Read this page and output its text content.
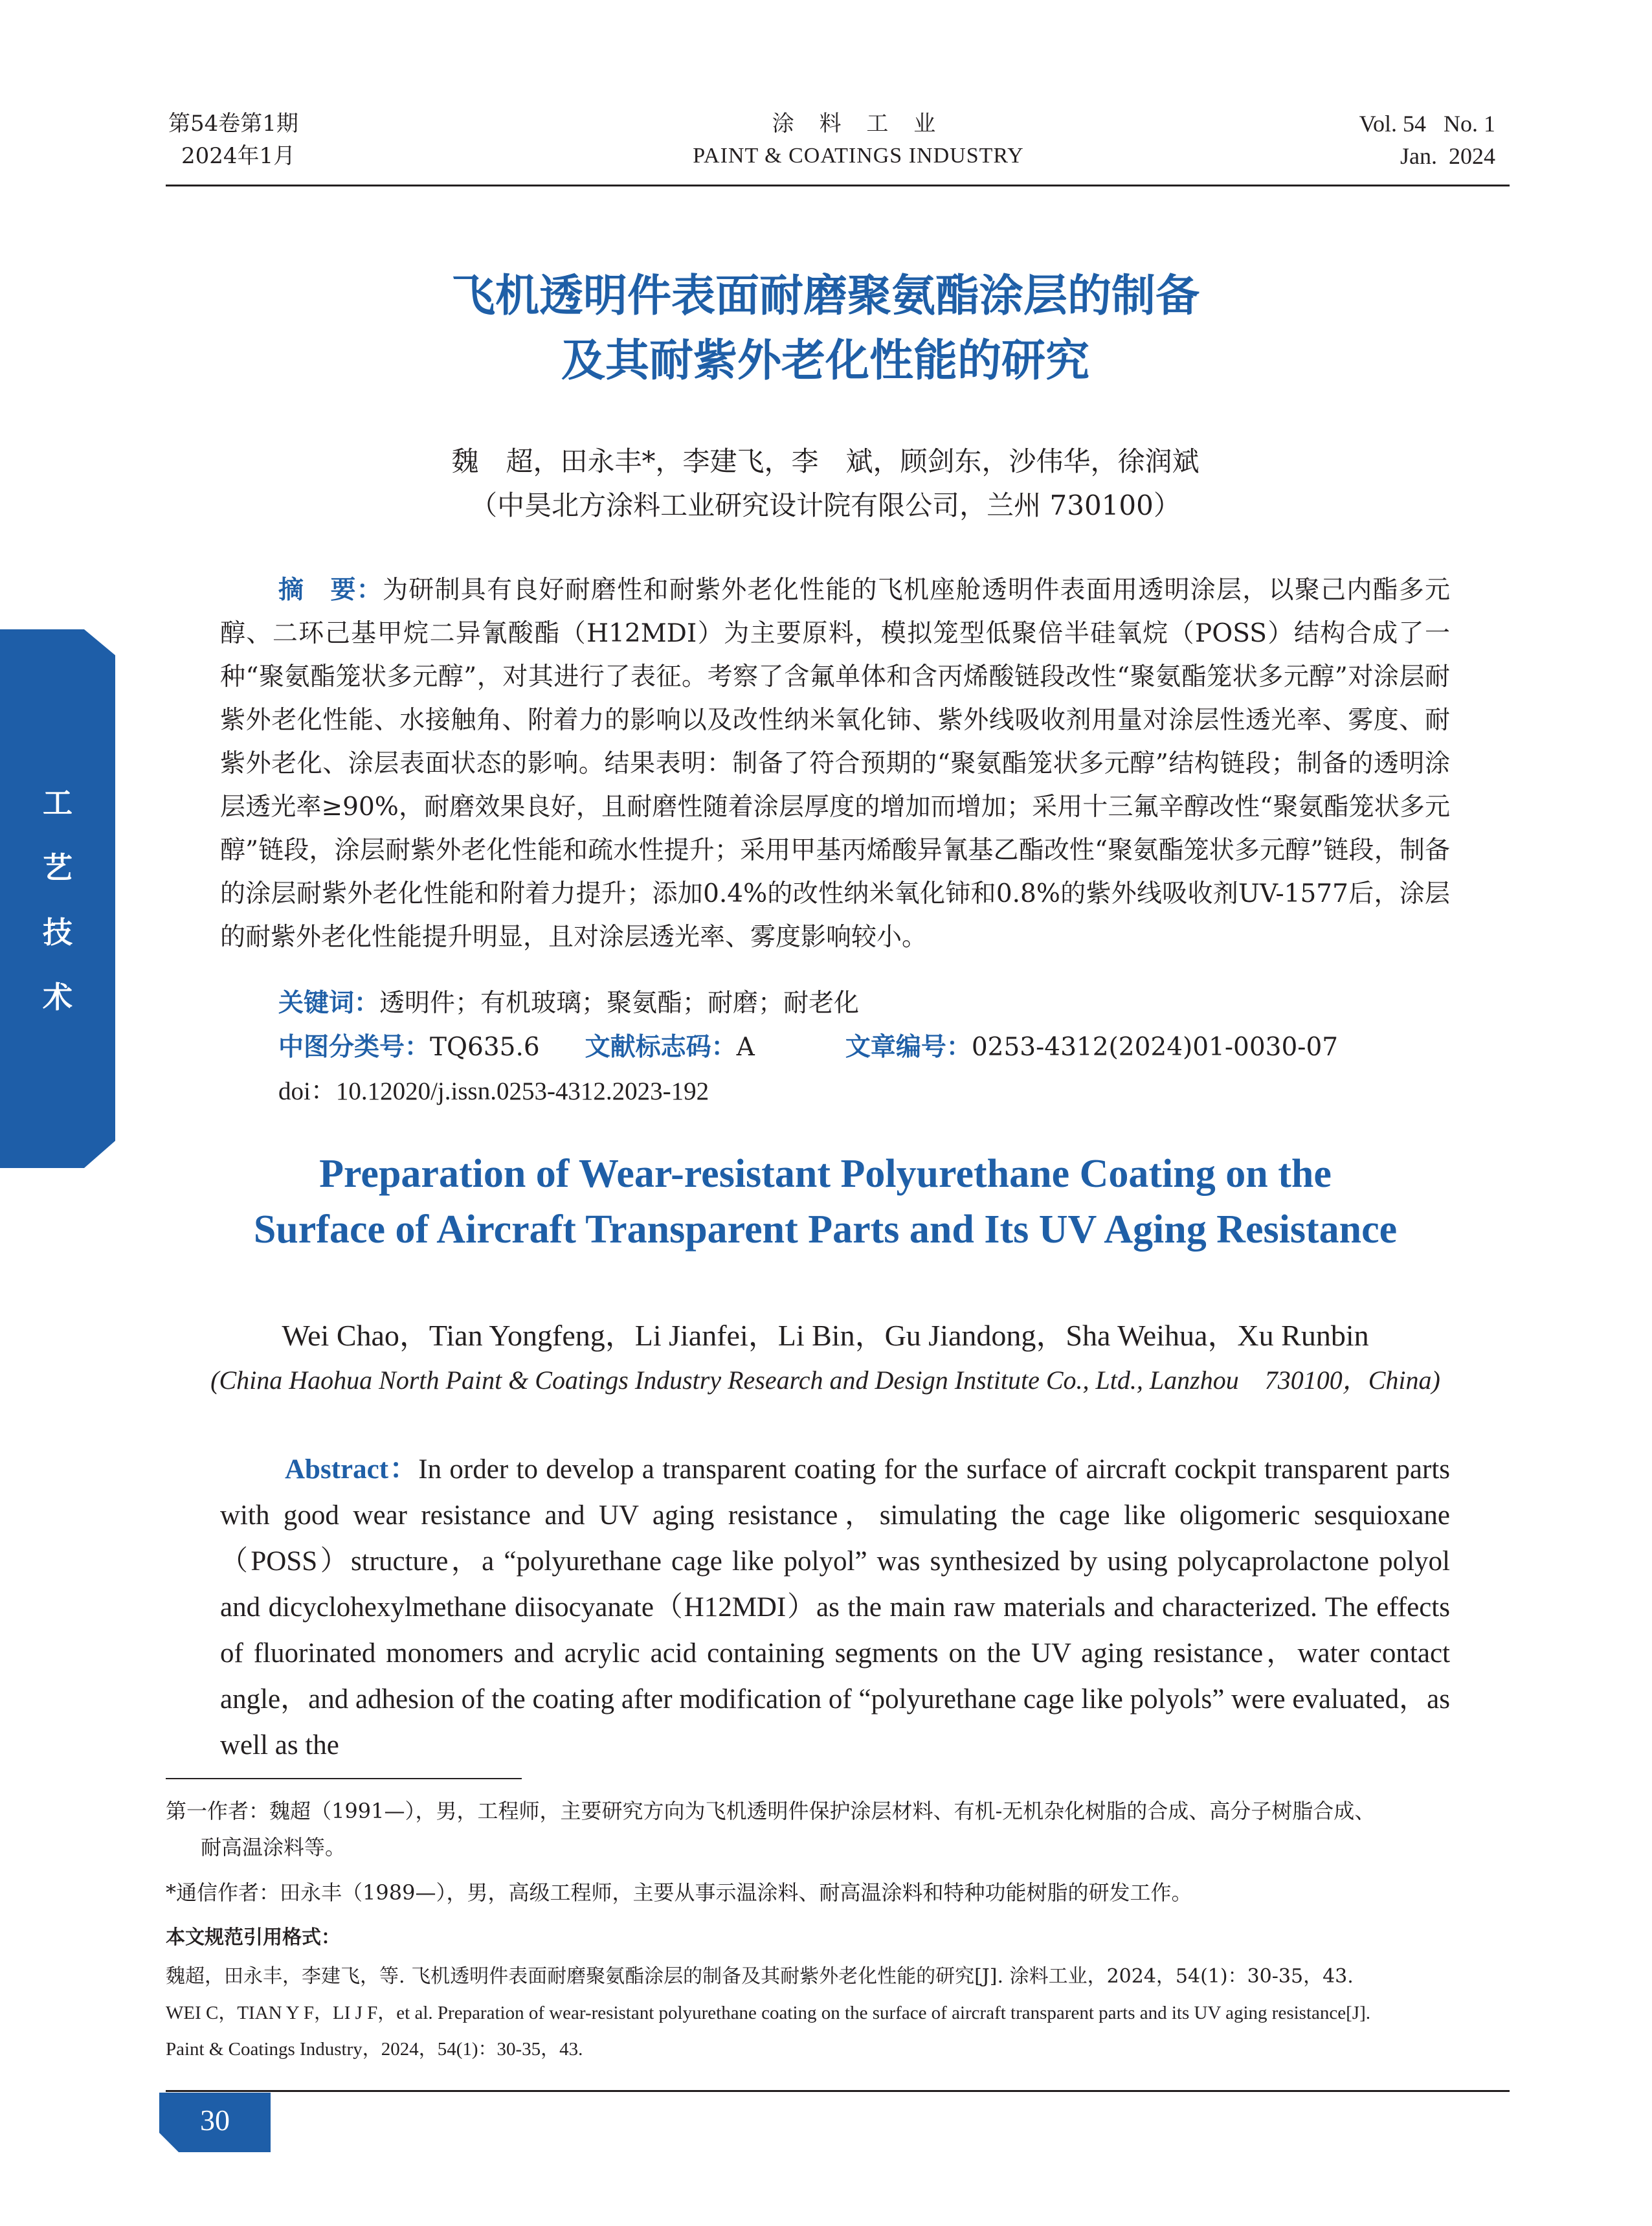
第54卷第1期
2024年1月
涂 料 工 业
PAINT & COATINGS INDUSTRY
Vol. 54   No. 1
Jan.  2024
飞机透明件表面耐磨聚氨酯涂层的制备
及其耐紫外老化性能的研究
魏　超，田永丰*，李建飞，李　斌，顾剑东，沙伟华，徐润斌
（中昊北方涂料工业研究设计院有限公司，兰州 730100）
工
艺
技
术
摘　要：为研制具有良好耐磨性和耐紫外老化性能的飞机座舱透明件表面用透明涂层，以聚己内酯多元醇、二环己基甲烷二异氰酸酯（H12MDI）为主要原料，模拟笼型低聚倍半硅氧烷（POSS）结构合成了一种“聚氨酯笼状多元醇”，对其进行了表征。考察了含氟单体和含丙烯酸链段改性“聚氨酯笼状多元醇”对涂层耐紫外老化性能、水接触角、附着力的影响以及改性纳米氧化铈、紫外线吸收剂用量对涂层性透光率、雾度、耐紫外老化、涂层表面状态的影响。结果表明：制备了符合预期的“聚氨酯笼状多元醇”结构链段；制备的透明涂层透光率≥90%，耐磨效果良好，且耐磨性随着涂层厚度的增加而增加；采用十三氟辛醇改性“聚氨酯笼状多元醇”链段，涂层耐紫外老化性能和疏水性提升；采用甲基丙烯酸异氰基乙酯改性“聚氨酯笼状多元醇”链段，制备的涂层耐紫外老化性能和附着力提升；添加0.4%的改性纳米氧化铈和0.8%的紫外线吸收剂UV-1577后，涂层的耐紫外老化性能提升明显，且对涂层透光率、雾度影响较小。
关键词：透明件；有机玻璃；聚氨酯；耐磨；耐老化
中图分类号：TQ635.6 文献标志码：A	文章编号：0253-4312(2024)01-0030-07
doi：10.12020/j.issn.0253-4312.2023-192
Preparation of Wear-resistant Polyurethane Coating on the
Surface of Aircraft Transparent Parts and Its UV Aging Resistance
Wei Chao，Tian Yongfeng，Li Jianfei，Li Bin，Gu Jiandong，Sha Weihua，Xu Runbin
(China Haohua North Paint & Coatings Industry Research and Design Institute Co., Ltd., Lanzhou　730100，China)

Abstract：In order to develop a transparent coating for the surface of aircraft cockpit transparent parts with good wear resistance and UV aging resistance，simulating the cage like oligomeric sesquioxane（POSS）structure，a “polyurethane cage like polyol” was synthesized by using polycaprolactone polyol and dicyclohexylmethane diisocyanate（H12MDI）as the main raw materials and characterized. The effects of fluorinated monomers and acrylic acid containing segments on the UV aging resistance，water contact angle，and adhesion of the coating after modification of “polyurethane cage like polyols” were evaluated，as well as the

第一作者：魏超（1991—），男，工程师，主要研究方向为飞机透明件保护涂层材料、有机-无机杂化树脂的合成、高分子树脂合成、
耐高温涂料等。
*通信作者：田永丰（1989—），男，高级工程师，主要从事示温涂料、耐高温涂料和特种功能树脂的研发工作。
本文规范引用格式：
魏超，田永丰，李建飞，等. 飞机透明件表面耐磨聚氨酯涂层的制备及其耐紫外老化性能的研究[J]. 涂料工业，2024，54(1)：30-35，43.
WEI C，TIAN Y F，LI J F，et al. Preparation of wear-resistant polyurethane coating on the surface of aircraft transparent parts and its UV aging resistance[J].
Paint & Coatings Industry，2024，54(1)：30-35，43.
30
